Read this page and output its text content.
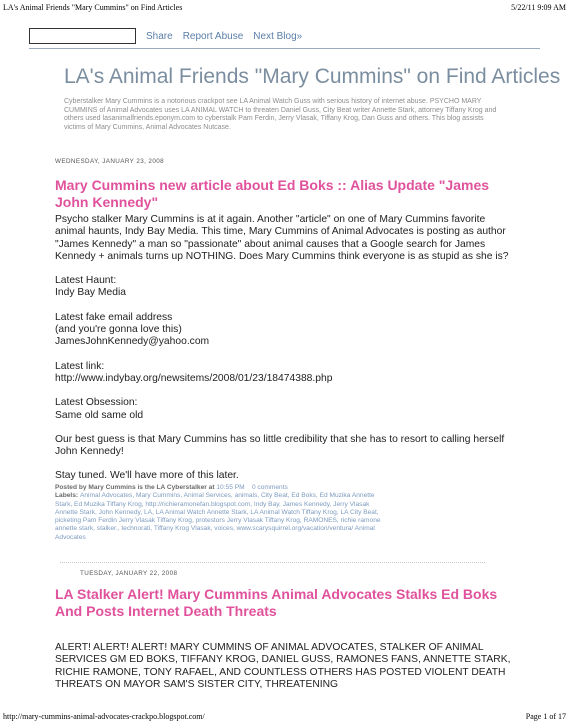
LA's Animal Friends "Mary Cummins" on Find Articles	5/22/11 9:09 AM
Share Report Abuse Next Blog»
LA's Animal Friends "Mary Cummins" on Find Articles
Cyberstalker Mary Cummins is a notorious crackpot see LA Animal Watch Guss with serious history of internet abuse. PSYCHO MARY CUMMINS of Animal Advocates uses LA ANIMAL WATCH to threaten Daniel Guss, City Beat writer Annette Stark, attorney Tiffany Krog and others used lasanimalfriends.eponym.com to cyberstalk Pam Ferdin, Jerry Vlasak, Tiffany Krog, Dan Guss and others. This blog assists victims of Mary Cummins, Animal Advocates Nutcase.
WEDNESDAY, JANUARY 23, 2008
Mary Cummins new article about Ed Boks :: Alias Update "James John Kennedy"

Psycho stalker Mary Cummins is at it again. Another "article" on one of Mary Cummins favorite animal haunts, Indy Bay Media. This time, Mary Cummins of Animal Advocates is posting as author "James Kennedy" a man so "passionate" about animal causes that a Google search for James Kennedy + animals turns up NOTHING. Does Mary Cummins think everyone is as stupid as she is?

Latest Haunt:

Indy Bay Media

Latest fake email address

(and you're gonna love this)

JamesJohnKennedy@yahoo.com

Latest link:

http://www.indybay.org/newsitems/2008/01/23/18474388.php

Latest Obsession:

Same old same old

Our best guess is that Mary Cummins has so little credibility that she has to resort to calling herself John Kennedy!

Stay tuned. We'll have more of this later.

Posted by Mary Cummins is the LA Cyberstalker at 10:55 PM 0 comments
Labels: Animal Advocates, Mary Cummins, Animal Services, animals, City Beat, Ed Boks, Ed Muzika Annette Stark, Ed Muzika Tiffany Krog, http://richieramonefan.blogspot.com, Indy Bay, James Kennedy, Jerry Vlasak Annette Stark, John Kennedy, LA, LA Animal Watch Annette Stark, LA Animal Watch Tiffany Krog, LA City Beat, picketing Pam Ferdin Jerry Vlasak Tiffany Krog, protestors Jerry Vlasak Tiffany Krog, RAMONES, richie ramone annette stark, stalker., technorati, Tiffany Krog Vlasak, voices, www.scarysquirrel.org/vacation/ventura/ Animal Advocates
TUESDAY, JANUARY 22, 2008
LA Stalker Alert! Mary Cummins Animal Advocates Stalks Ed Boks And Posts Internet Death Threats

ALERT! ALERT! ALERT! MARY CUMMINS OF ANIMAL ADVOCATES, STALKER OF ANIMAL SERVICES GM ED BOKS, TIFFANY KROG, DANIEL GUSS, RAMONES FANS, ANNETTE STARK, RICHIE RAMONE, TONY RAFAEL, AND COUNTLESS OTHERS HAS POSTED VIOLENT DEATH THREATS ON MAYOR SAM'S SISTER CITY, THREATENING

http://mary-cummins-animal-advocates-crackpo.blogspot.com/	Page 1 of 17
